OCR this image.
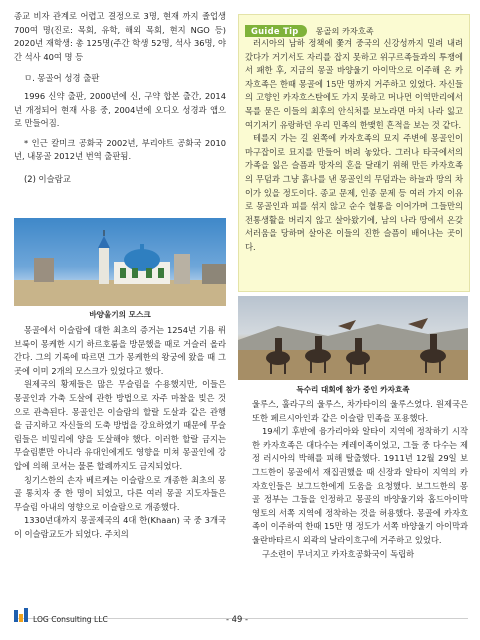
종교 비자 관계로 어렵고 결정으로 3명, 현재 까지 졸업생 700여 명(진로: 목회, 유학, 해외 목회, 현지 NGO 등) 2020년 재학생: 총 125명(주간 학생 52명, 석사 36명, 야간 석사 40여 명 등

ㅁ. 몽골어 성경 출판

1996 신약 출판, 2000년에 신, 구약 합본 출간, 2014년 개정되어 현재 사용 중, 2004년에 오디오 성경과 앱으로 만들어짐.

* 인근 칼미크 공화국 2002년, 부리야트 공화국 2010년, 내몽골 2012년 번역 출판됨.

(2) 이슬람교

바양울기의 모스크

몽골에서 이슬람에 대한 최초의 증거는 1254년 기욤 뤼브룩이 몽케한 시기 하르호룸을 방문했을 때로 거슬러 올라간다. 그의 기록에 따르면 그가 몽케한의 왕궁에 왔을 때 그곳에 이미 2개의 모스크가 있었다고 했다.

원제국의 황제들은 많은 무슬림을 수용했지만, 이들은 몽골인과 가축 도살에 관한 방법으로 자주 마찰을 빚은 것으로 관측된다. 몽골인은 이슬람의 할랄 도살과 같은 관행을 금지하고 자신들의 도축 방법을 강요하였기 때문에 무슬림들은 비밀리에 양을 도살해야 했다. 이러한 할랄 금지는 무슬림뿐만 아니라 유대인에게도 영향을 미쳐 몽골인에 강압에 의해 코셔는 물론 할례까지도 금지되었다.

칭기스한의 손자 베르케는 이슬람으로 개종한 최초의 몽골 통치자 중 한 명이 되었고, 다른 여러 몽골 지도자들은 무슬림 아내의 영향으로 이슬람으로 개종했다.

1330년대까지 몽골제국의 4대 한(Khaan) 국 중 3개국이 이슬람교도가 되었다. 주치의

Guide Tip 몽골의 카자흐족

러시아의 남하 정책에 쫓겨 중국의 신강성까지 밀려 내려갔다가 거기서도 자리를 잡지 못하고 위구르족들과의 투쟁에서 패한 후, 지금의 몽골 바양울기 아이막으로 이주해 온 카자흐족은 한때 몽골에 15만 명까지 거주하고 있었다. 자신들의 고향인 카자흐스탄에도 가지 못하고 머나먼 이역만리에서 목를 묻은 이들의 최후의 안식처를 보노라면 마치 나라 잃고 여기저기 유랑하던 우리 민족의 한맺힌 흔적을 보는 것 같다.

테를지 가는 길 왼쪽에 카자흐족의 묘지 주변에 몽골인이 마구잡이로 묘지를 만들어 버려 놓았다. 그러나 타국에서의 가족을 잃은 슬픔과 망자의 혼을 달래기 위해 만든 카자흐족의 무덤과 그냥 흙나를 낸 몽골인의 무덤과는 하늘과 땅의 차이가 있을 정도이다. 종교 문제, 인종 문제 등 여러 가지 이유로 몽골인과 피를 섞지 않고 순수 혈통을 이어가며 그들만의 전통생활을 버리지 않고 살아왔기에, 남의 나라 땅에서 온갖 서러움을 당하며 살아온 이들의 진한 슬픔이 배어나는 곳이다.

독수리 대회에 참가 중인 카자흐족

울루스, 훌라구의 울루스, 차가타이의 울루스였다. 원제국은 또한 페르시아인과 같은 이슬람 민족을 포용했다.

19세기 후반에 융가리아와 알타이 지역에 정착하기 시작한 카자흐족은 대다수는 케레이족이었고, 그들 중 다수는 제정 러시아의 박해를 피해 탈출했다. 1911년 12월 29일 보그드한이 몽골에서 재집권했을 때 신장과 알타이 지역의 카자흐인들은 보그드한에게 도움을 요청했다. 보그드한의 몽골 정부는 그들을 인정하고 몽골의 바양울기와 홉드아이막 영토의 서쪽 지역에 정착하는 것을 허용했다. 몽골에 카자흐족이 이주하여 한때 15만 명 정도가 서쪽 바양울기 아이막과 울란바타르시 외곽의 날라이흐구에 거주하고 있었다.

구소련이 무너지고 카자흐공화국이 독립하

LOG Consulting LLC	- 49 -
